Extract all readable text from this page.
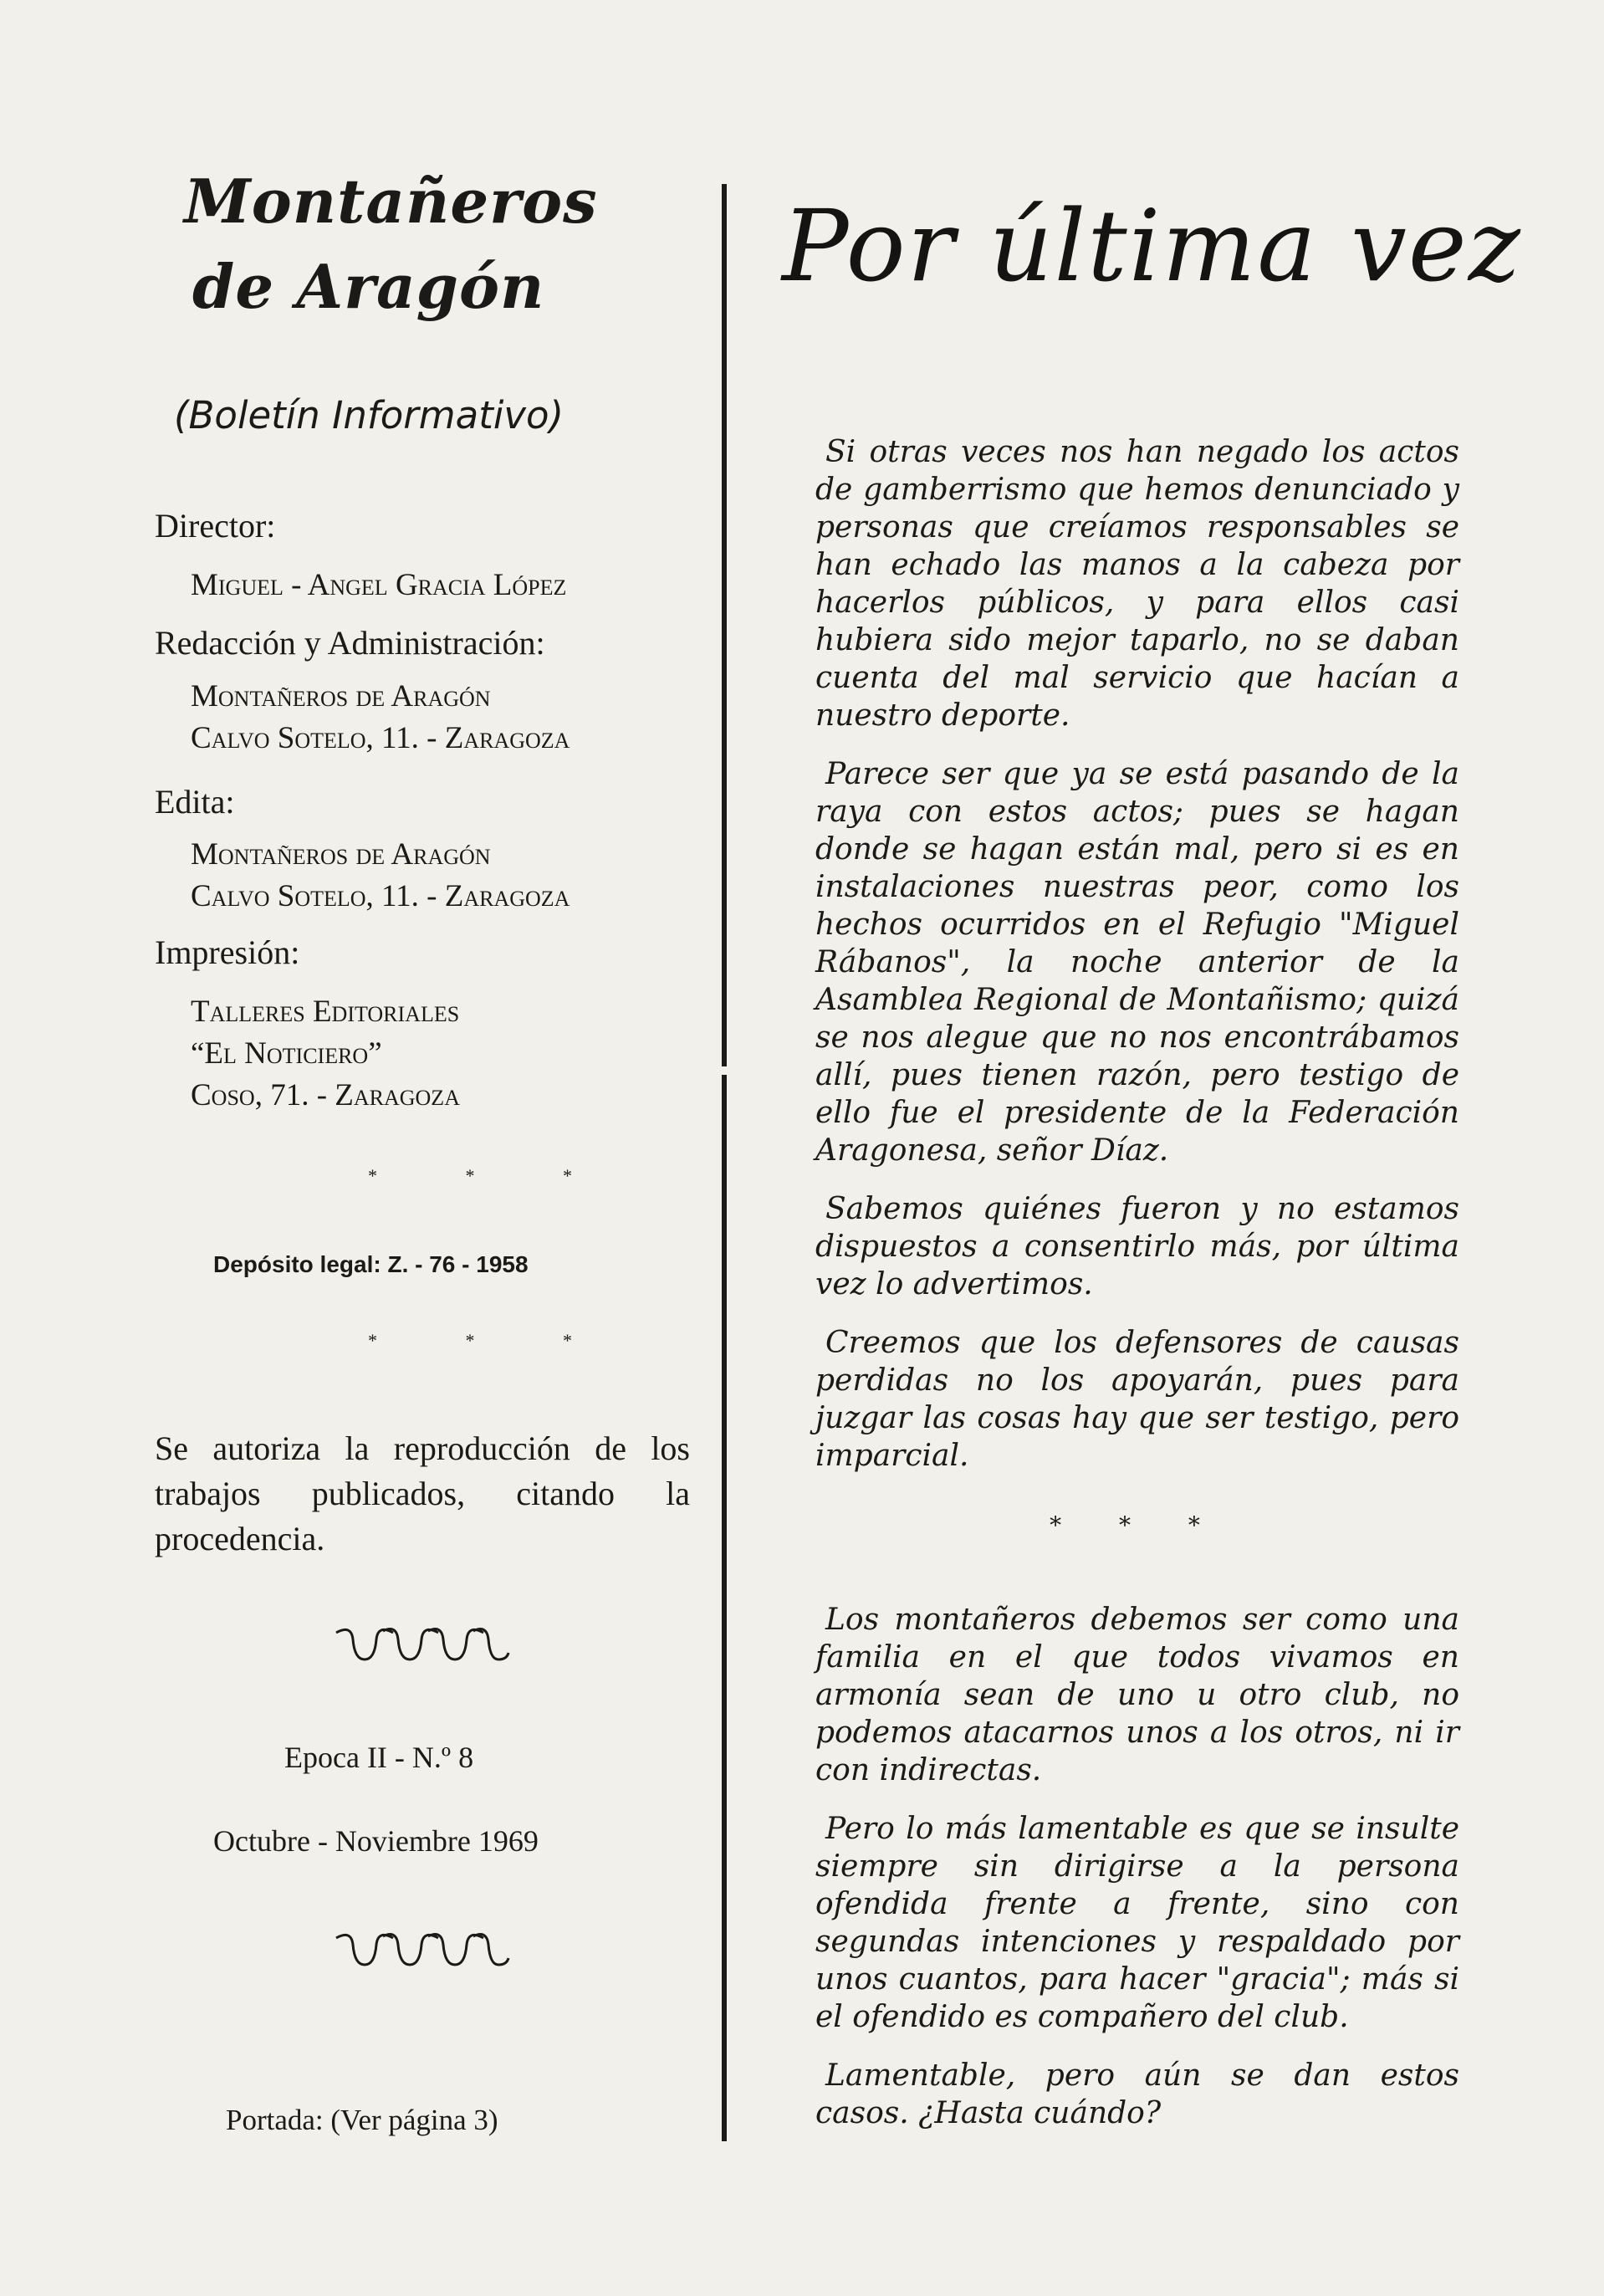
Montañeros
de Aragón
(Boletín Informativo)
Director:
Miguel - Angel Gracia López
Redacción y Administración:
Montañeros de Aragón
Calvo Sotelo, 11. - Zaragoza
Edita:
Montañeros de Aragón
Calvo Sotelo, 11. - Zaragoza
Impresión:
Talleres Editoriales
“El Noticiero”
Coso, 71. - Zaragoza
* * *
Depósito legal: Z. - 76 - 1958
* * *
Se autoriza la reproducción de los trabajos publicados, citando la procedencia.
Epoca II - N.º 8
Octubre - Noviembre 1969
Portada: (Ver página 3)
Por última vez

Si otras veces nos han negado los actos de gamberrismo que hemos denunciado y personas que creíamos responsables se han echado las manos a la cabeza por hacerlos públicos, y para ellos casi hubiera sido mejor taparlo, no se daban cuenta del mal servicio que hacían a nuestro deporte.

Parece ser que ya se está pasando de la raya con estos actos; pues se hagan donde se hagan están mal, pero si es en instalaciones nuestras peor, como los hechos ocurridos en el Refugio "Miguel Rábanos", la noche anterior de la Asamblea Regional de Montañismo; quizá se nos alegue que no nos encontrábamos allí, pues tienen razón, pero testigo de ello fue el presidente de la Federación Aragonesa, señor Díaz.

Sabemos quiénes fueron y no estamos dispuestos a consentirlo más, por última vez lo advertimos.

Creemos que los defensores de causas perdidas no los apoyarán, pues para juzgar las cosas hay que ser testigo, pero imparcial.

* * *

Los montañeros debemos ser como una familia en el que todos vivamos en armonía sean de uno u otro club, no podemos atacarnos unos a los otros, ni ir con indirectas.

Pero lo más lamentable es que se insulte siempre sin dirigirse a la persona ofendida frente a frente, sino con segundas intenciones y respaldado por unos cuantos, para hacer "gracia"; más si el ofendido es compañero del club.

Lamentable, pero aún se dan estos casos. ¿Hasta cuándo?
